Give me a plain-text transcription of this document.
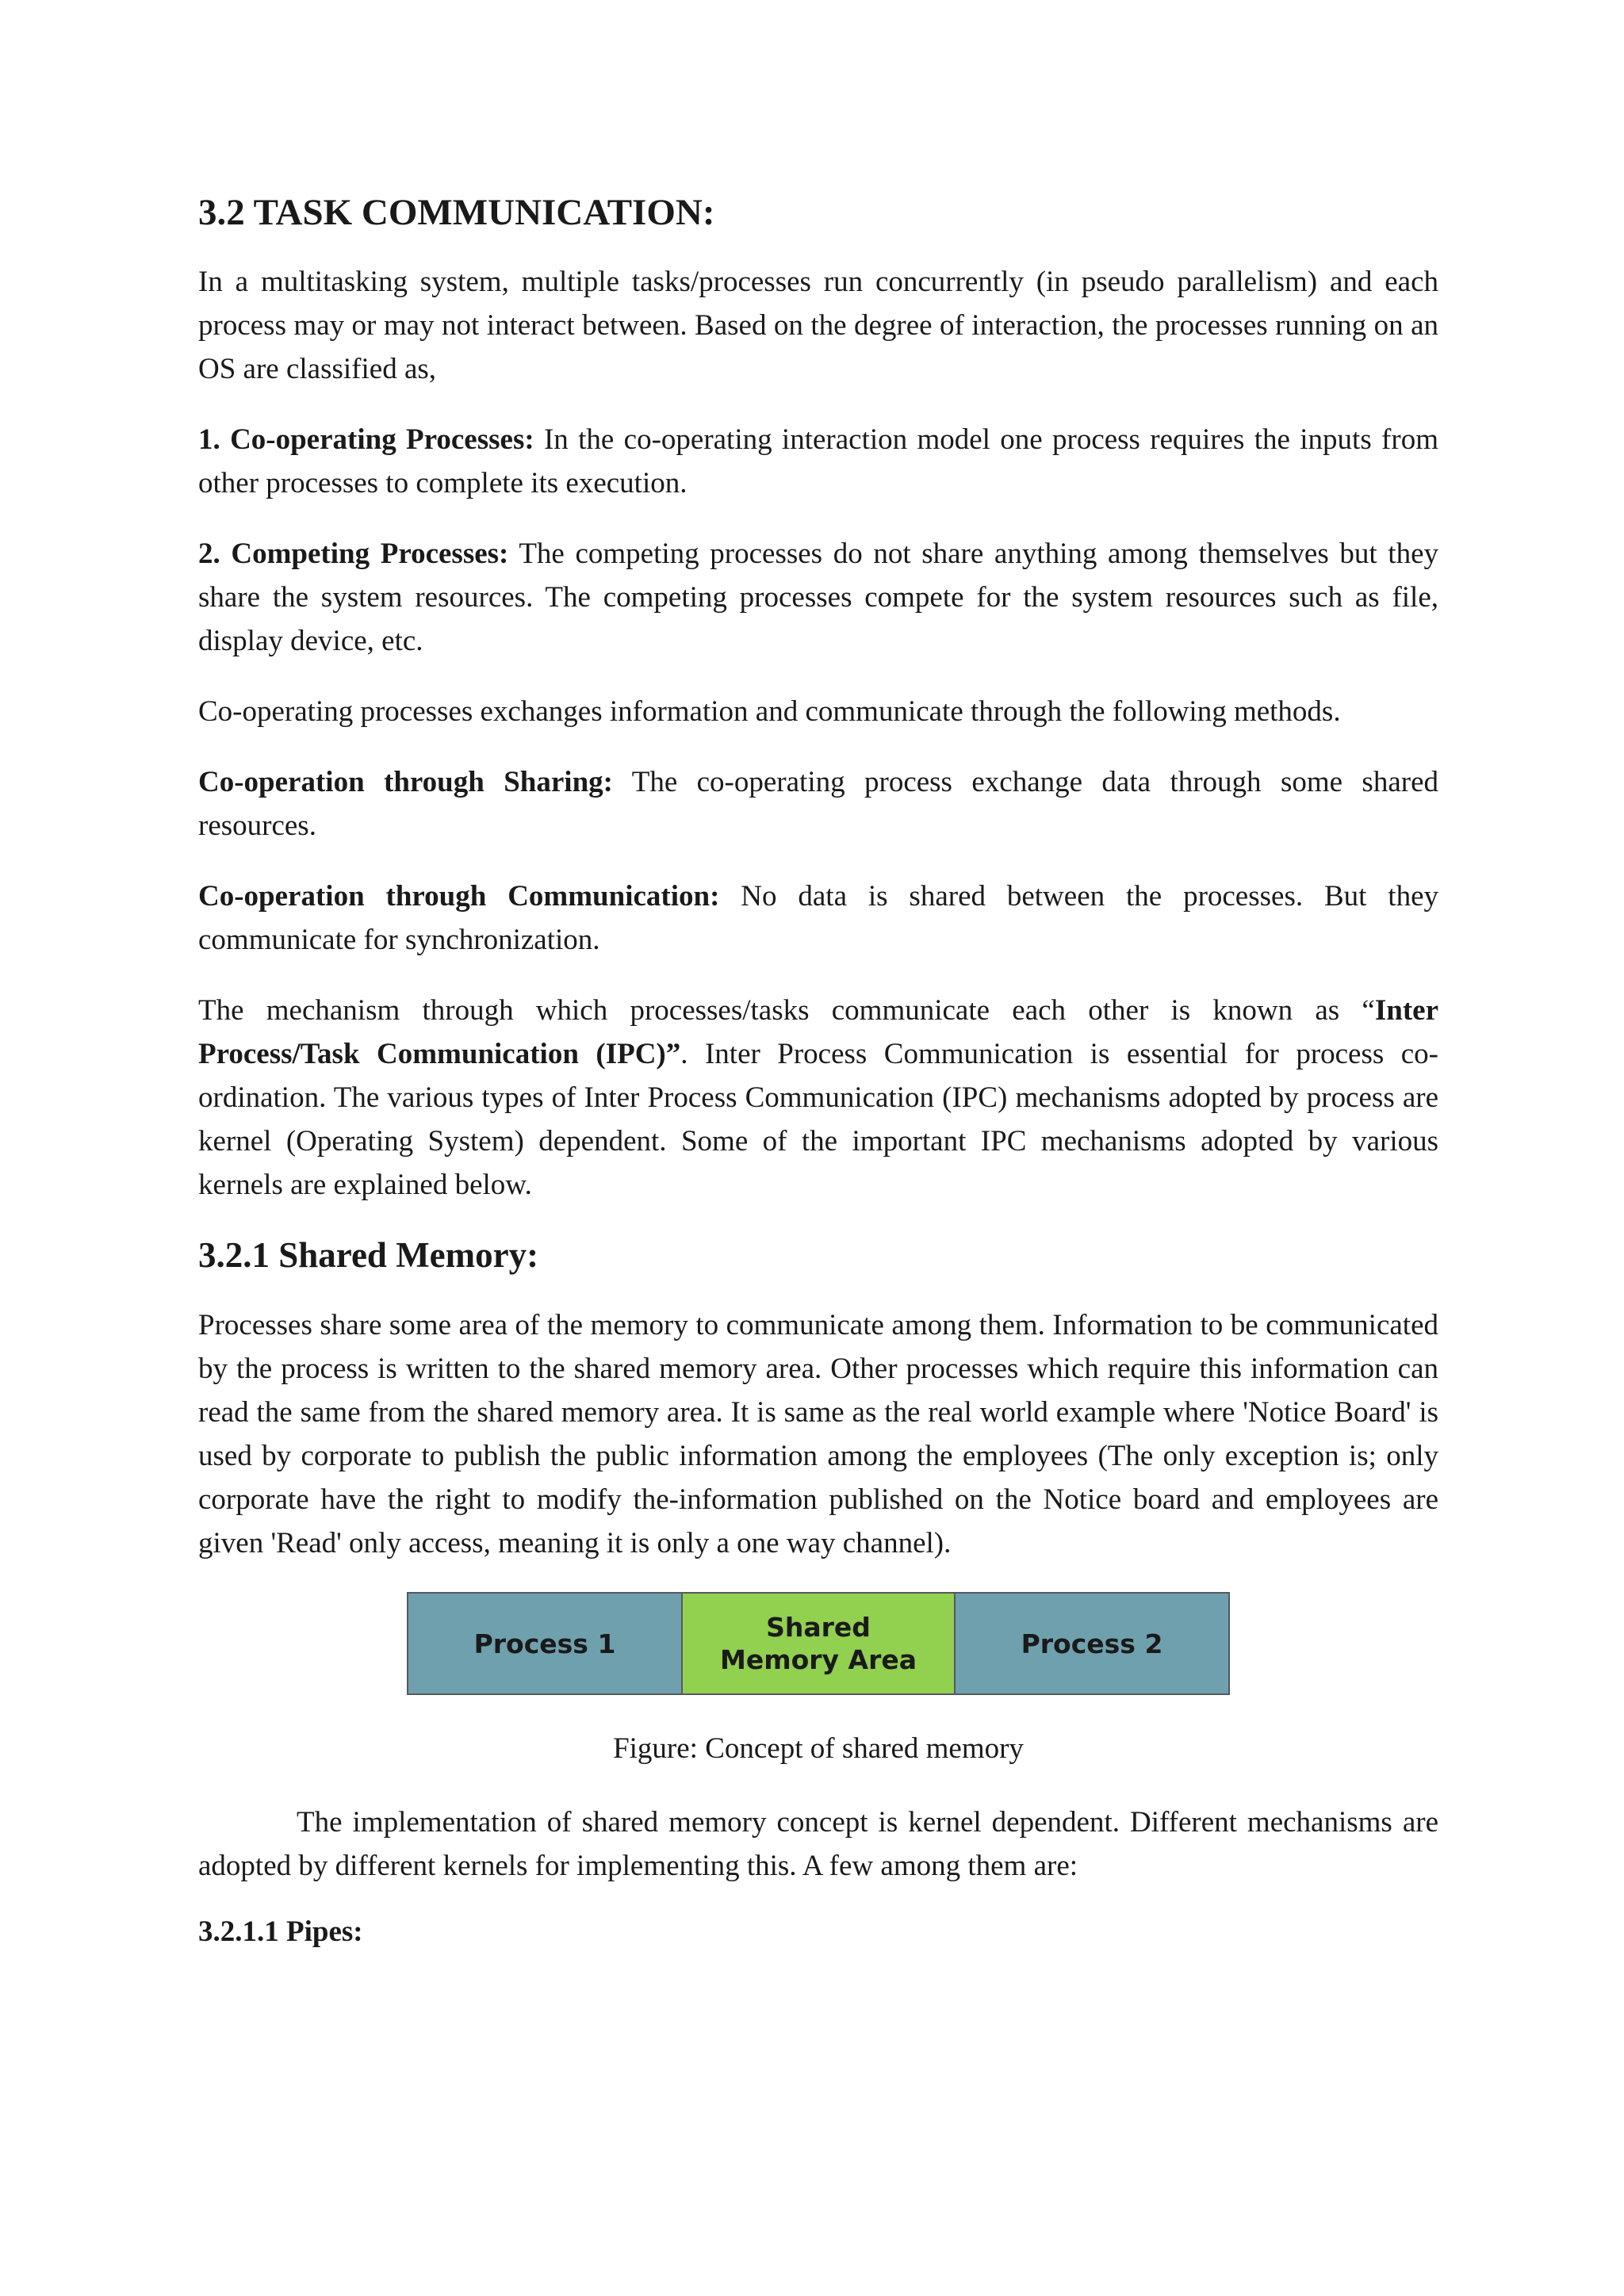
3.2 TASK COMMUNICATION:

In a multitasking system, multiple tasks/processes run concurrently (in pseudo parallelism) and each process may or may not interact between. Based on the degree of interaction, the processes running on an OS are classified as,

1. Co-operating Processes: In the co-operating interaction model one process requires the inputs from other processes to complete its execution.

2. Competing Processes: The competing processes do not share anything among themselves but they share the system resources. The competing processes compete for the system resources such as file, display device, etc.

Co-operating processes exchanges information and communicate through the following methods.

Co-operation through Sharing: The co-operating process exchange data through some shared resources.

Co-operation through Communication: No data is shared between the processes. But they communicate for synchronization.

The mechanism through which processes/tasks communicate each other is known as “Inter Process/Task Communication (IPC)”. Inter Process Communication is essential for process co-ordination. The various types of Inter Process Communication (IPC) mechanisms adopted by process are kernel (Operating System) dependent. Some of the important IPC mechanisms adopted by various kernels are explained below.

3.2.1 Shared Memory:

Processes share some area of the memory to communicate among them. Information to be communicated by the process is written to the shared memory area. Other processes which require this information can read the same from the shared memory area. It is same as the real world example where 'Notice Board' is used by corporate to publish the public information among the employees (The only exception is; only corporate have the right to modify the-information published on the Notice board and employees are given 'Read' only access, meaning it is only a one way channel).

Process 1
Shared
Memory Area
Process 2
Figure: Concept of shared memory

The implementation of shared memory concept is kernel dependent. Different mechanisms are adopted by different kernels for implementing this. A few among them are:

3.2.1.1 Pipes:
